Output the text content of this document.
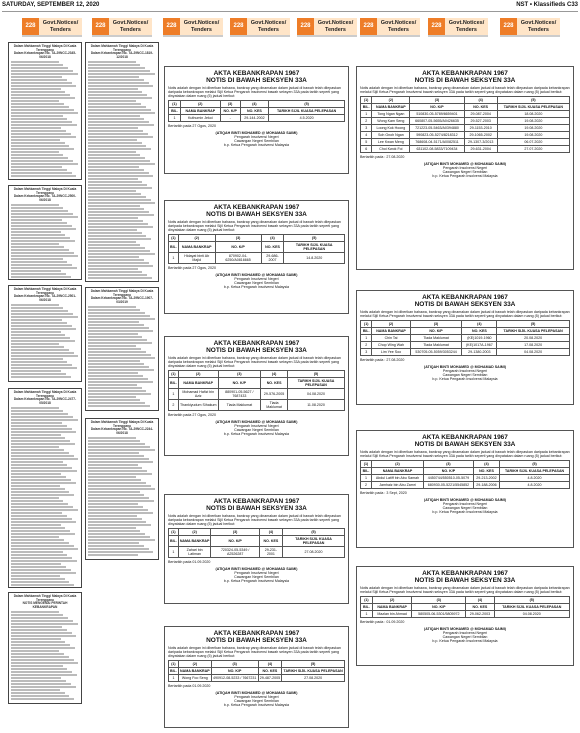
SATURDAY, SEPTEMBER 12, 2020	NST • Klassifieds C33
228 Govt.Notices/ Tenders
228 Govt.Notices/ Tenders
228 Govt.Notices/ Tenders
228 Govt.Notices/ Tenders
228 Govt.Notices/ Tenders
228 Govt.Notices/ Tenders
228 Govt.Notices/ Tenders
228 Govt.Notices/ Tenders
Dalam Mahkamah Tinggi Malaya Di Kuala Terengganu
Dalam Kebankrapan No. TA-29NCC-2345-06/2018
Dalam Mahkamah Tinggi Malaya Di Kuala Terengganu
Dalam Kebankrapan No. TA-29NCC-2500-06/2018
Dalam Mahkamah Tinggi Malaya Di Kuala Terengganu
Dalam Kebankrapan No. TA-29NCC-2501-06/2018
Dalam Mahkamah Tinggi Malaya Di Kuala Terengganu
Dalam Kebankrapan No. TA-29NCC-2477-05/2018
Dalam Mahkamah Tinggi Malaya Di Kuala Terengganu
NOTIS MENGENAI PERINTAH KEBANKRAPAN
Dalam Mahkamah Tinggi Malaya Di Kuala Terengganu
Dalam Kebankrapan No. TA-29NCC-1819-12/2018
Dalam Mahkamah Tinggi Malaya Di Kuala Terengganu
Dalam Kebankrapan No. TA-29NCC-1907-03/2019
Dalam Mahkamah Tinggi Malaya Di Kuala Terengganu
Dalam Kebankrapan No. TA-29NCC-2244-06/2018
AKTA KEBANKRAPAN 1967
NOTIS DI BAWAH SEKSYEN 33A

Notis adalah dengan ini diberikan bahawa, bankrap yang dinamakan dalam jadual di bawah telah dilepaskan daripada kebankrapan melalui Sijil Ketua Pengarah Insolvensi bawah seksyen 33A pada tarikh seperti yang dinyatakan dalam ruang (5) jadual berikut:

(1)	(2)	(3)	(4)	(5)
BIL.	NAMA BANKRAP	NO. K/P	NO. KES	TARIKH SIJIL KUASA PELEPASAN
1	Kuthumin Jekoi	-	29-144-2002	4.5.2020
Bertarikh pada 27 Ogos, 2020
(ATIQAH BINTI MOHAMED @ MOHAMAD SAIMI)
Pengarah Insolvensi Negeri
Cawangan Negeri Sembilan
b.p. Ketua Pengarah Insolvensi Malaysia
AKTA KEBANKRAPAN 1967
NOTIS DI BAWAH SEKSYEN 33A

Notis adalah dengan ini diberikan bahawa, bankrap yang dinamakan dalam jadual di bawah telah dilepaskan daripada kebankrapan melalui Sijil Ketua Pengarah Insolvensi bawah seksyen 33A pada tarikh seperti yang dinyatakan dalam ruang (5) jadual berikut:

(1)	(2)	(3)	(4)	(5)
BIL.	NAMA BANKRAP	NO. K/P	NO. KES	TARIKH SIJIL KUASA PELEPASAN
1	Hidayat binti Ab Majid	870902-04-6250/A0816665	29-686-2007	14.8.2020
Bertarikh pada 27 Ogos, 2020
(ATIQAH BINTI MOHAMED @ MOHAMAD SAIMI)
Pengarah Insolvensi Negeri
Cawangan Negeri Sembilan
b.p. Ketua Pengarah Insolvensi Malaysia
AKTA KEBANKRAPAN 1967
NOTIS DI BAWAH SEKSYEN 33A

Notis adalah dengan ini diberikan bahawa, bankrap yang dinamakan dalam jadual di bawah telah dilepaskan daripada kebankrapan melalui Sijil Ketua Pengarah Insolvensi bawah seksyen 33A pada tarikh seperti yang dinyatakan dalam ruang (5) jadual berikut:

(1)	(2)	(3)	(4)	(5)
BIL.	NAMA BANKRAP	NO. K/P	NO. KES	TARIKH SIJIL KUASA PELEPASAN
1	Mohamad Hafizi bin Aziz	880901-05-5627 / 7687433	29-576-2005	04.08.2020
2	Thankiyudum Sihakum	Tiada Maklumat	Tiada Maklumat	11.08.2020
Bertarikh pada 27 Ogos, 2020
(ATIQAH BINTI MOHAMED @ MOHAMAD SAIMI)
Pengarah Insolvensi Negeri
Cawangan Negeri Sembilan
b.p. Ketua Pengarah Insolvensi Malaysia
AKTA KEBANKRAPAN 1967
NOTIS DI BAWAH SEKSYEN 33A

Notis adalah dengan ini diberikan bahawa, bankrap yang dinamakan dalam jadual di bawah telah dilepaskan daripada kebankrapan melalui Sijil Ketua Pengarah Insolvensi bawah seksyen 33A pada tarikh seperti yang dinyatakan dalam ruang (5) jadual berikut:

(1)	(2)	(3)	(4)	(5)
BIL.	NAMA BANKRAP	NO. K/P	NO. KES	TARIKH SIJIL KUASA PELEPASAN
1	Zahari bin Latiman	720324-05-5349 / A2526287	29-231-2001	27.08.2020
Bertarikh pada 01.09.2020
(ATIQAH BINTI MOHAMED @ MOHAMAD SAIMI)
Pengarah Insolvensi Negeri
Cawangan Negeri Sembilan
b.p. Ketua Pengarah Insolvensi Malaysia
AKTA KEBANKRAPAN 1967
NOTIS DI BAWAH SEKSYEN 33A

Notis adalah dengan ini diberikan bahawa, bankrap yang dinamakan dalam jadual di bawah telah dilepaskan daripada kebankrapan melalui Sijil Ketua Pengarah Insolvensi bawah seksyen 33A pada tarikh seperti yang dinyatakan dalam ruang (5) jadual berikut:

(1)	(2)	(3)	(4)	(5)
BIL.	NAMA BANKRAP	NO. K/P	NO. KES	TARIKH SIJIL KUASA PELEPASAN
1	Wong Foo Seng	490912-08-5233 / 7667231	29-487-2005	27.08.2020
Bertarikh pada 01.09.2020
(ATIQAH BINTI MOHAMED @ MOHAMAD SAIMI)
Pengarah Insolvensi Negeri
Cawangan Negeri Sembilan
b.p. Ketua Pengarah Insolvensi Malaysia
AKTA KEBANKRAPAN 1967
NOTIS DI BAWAH SEKSYEN 33A

Notis adalah dengan ini diberikan bahawa, bankrap yang dinamakan dalam jadual di bawah telah dilepaskan daripada kebankrapan melalui Sijil Ketua Pengarah Insolvensi bawah seksyen 33A pada tarikh seperti yang dinyatakan dalam ruang (5) jadual berikut:

(1)	(2)	(3)	(4)	(5)
BIL.	NAMA BANKRAP	NO. K/P	NO. KES	TARIKH SIJIL KUASA PELEPASAN
1	Tong Ngan Ngan	510830-05-5789/6659401	29-087-2004	18.08.2020
2	Wong Kam Seng	660807-05-5655/A0426635	29-527-2003	19.08.2020
3	Loong Kok Hoong	721223-05-5463/A0394880	29-1153-2010	19.08.2020
4	Soh Gnoh Ngan	590823-05-5274/8218312	29-1065-2002	19.08.2020
5	Lee Kwan Meng	768608-04-5171/A0082511	29-1307-3/2013	06.07.2020
6	Choi Kwok Foi	631102-08-5833/7109434	29-631-2004	27.07.2020
Bertarikh pada : 27.08.2020
(ATIQAH BINTI MOHAMED @ MOHAMAD SAIMI)
Pengarah Insolvensi Negeri
Cawangan Negeri Sembilan
b.p. Ketua Pengarah Insolvensi Malaysia
AKTA KEBANKRAPAN 1967
NOTIS DI BAWAH SEKSYEN 33A

Notis adalah dengan ini diberikan bahawa, bankrap yang dinamakan dalam jadual di bawah telah dilepaskan daripada kebankrapan melalui Sijil Ketua Pengarah Insolvensi bawah seksyen 33A pada tarikh seperti yang dinyatakan dalam ruang (5) jadual berikut:

(1)	(2)	(3)	(4)	(5)
BIL.	NAMA BANKRAP	NO. K/P	NO. KES	TARIKH SIJIL KUASA PELEPASAN
1	Chin Tai	Tiada Maklumat	(KE)1019-1960	20.08.2020
2	Chop Wing Wah	Tiada Maklumat	(KE)1017A-1967	17.08.2020
3	Lim Yee Soo	530705-05-5059/3053244	29-1380-2003	04.08.2020
Bertarikh pada : 27.08.2020
(ATIQAH BINTI MOHAMED @ MOHAMAD SAIMI)
Pengarah Insolvensi Negeri
Cawangan Negeri Sembilan
b.p. Ketua Pengarah Insolvensi Malaysia
AKTA KEBANKRAPAN 1967
NOTIS DI BAWAH SEKSYEN 33A

Notis adalah dengan ini diberikan bahawa, bankrap yang dinamakan dalam jadual di bawah telah dilepaskan daripada kebankrapan melalui Sijil Ketua Pengarah Insolvensi bawah seksyen 33A pada tarikh seperti yang dinyatakan dalam ruang (5) jadual berikut:

(1)	(2)	(3)	(4)	(5)
BIL.	NAMA BANKRAP	NO. K/P	NO. KES	TARIKH SIJIL KUASA PELEPASAN
1	Abdul Latiff bin Abu Samah	4450744/550510-05-5079	29-213-2002	4.8.2020
2	Jamhaiz bin Abu Zamri	680930-05-5221/5545852	29-188-2006	4.8.2020
Bertarikh pada : 3 Sept, 2020
(ATIQAH BINTI MOHAMED @ MOHAMAD SAIMI)
Pengarah Insolvensi Negeri
Cawangan Negeri Sembilan
b.p. Ketua Pengarah Insolvensi Malaysia
AKTA KEBANKRAPAN 1967
NOTIS DI BAWAH SEKSYEN 33A

Notis adalah dengan ini diberikan bahawa, bankrap yang dinamakan dalam jadual di bawah telah dilepaskan daripada kebankrapan melalui Sijil Ketua Pengarah Insolvensi bawah seksyen 33A pada tarikh seperti yang dinyatakan dalam ruang (5) jadual berikut:

(1)	(2)	(3)	(4)	(5)
BIL.	NAMA BANKRAP	NO. K/P	NO. KES	TARIKH SIJIL KUASA PELEPASAN
1	Mazlan bin Ahmad	580505-06-5301/5805972	29-062-2003	04.08.2020
Bertarikh pada : 01.09.2020
(ATIQAH BINTI MOHAMED @ MOHAMAD SAIMI)
Pengarah Insolvensi Negeri
Cawangan Negeri Sembilan
b.p. Ketua Pengarah Insolvensi Malaysia
